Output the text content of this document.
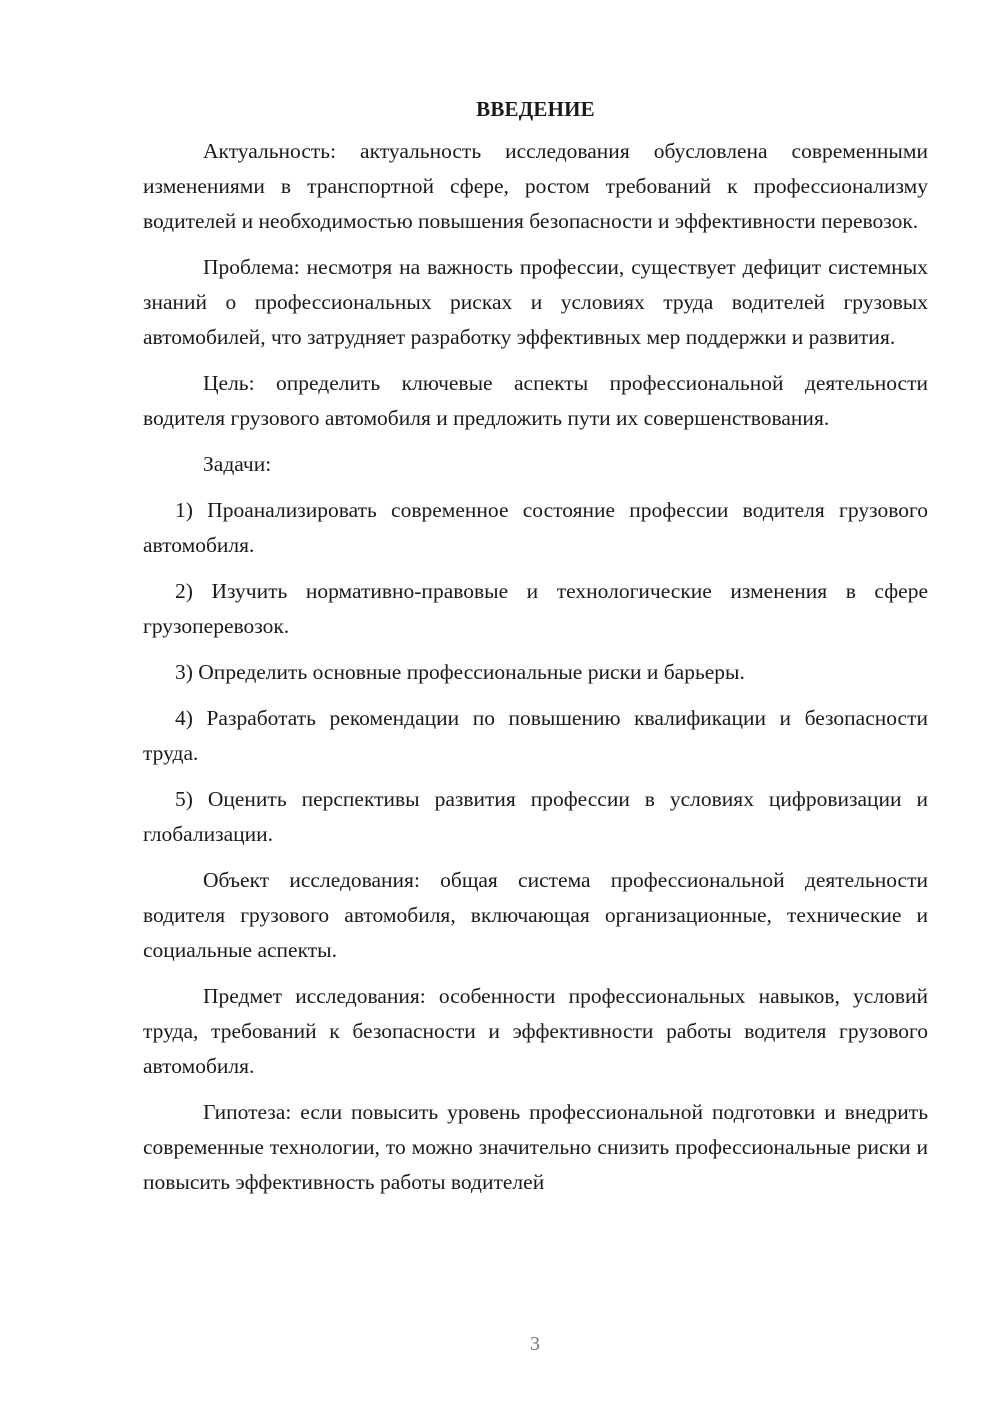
ВВЕДЕНИЕ

Актуальность: актуальность исследования обусловлена современными изменениями в транспортной сфере, ростом требований к профессионализму водителей и необходимостью повышения безопасности и эффективности перевозок.

Проблема: несмотря на важность профессии, существует дефицит системных знаний о профессиональных рисках и условиях труда водителей грузовых автомобилей, что затрудняет разработку эффективных мер поддержки и развития.

Цель: определить ключевые аспекты профессиональной деятельности водителя грузового автомобиля и предложить пути их совершенствования.

Задачи:

1) Проанализировать современное состояние профессии водителя грузового автомобиля.

2) Изучить нормативно-правовые и технологические изменения в сфере грузоперевозок.

3) Определить основные профессиональные риски и барьеры.

4) Разработать рекомендации по повышению квалификации и безопасности труда.

5) Оценить перспективы развития профессии в условиях цифровизации и глобализации.

Объект исследования: общая система профессиональной деятельности водителя грузового автомобиля, включающая организационные, технические и социальные аспекты.

Предмет исследования: особенности профессиональных навыков, условий труда, требований к безопасности и эффективности работы водителя грузового автомобиля.

Гипотеза: если повысить уровень профессиональной подготовки и внедрить современные технологии, то можно значительно снизить профессиональные риски и повысить эффективность работы водителей

3
